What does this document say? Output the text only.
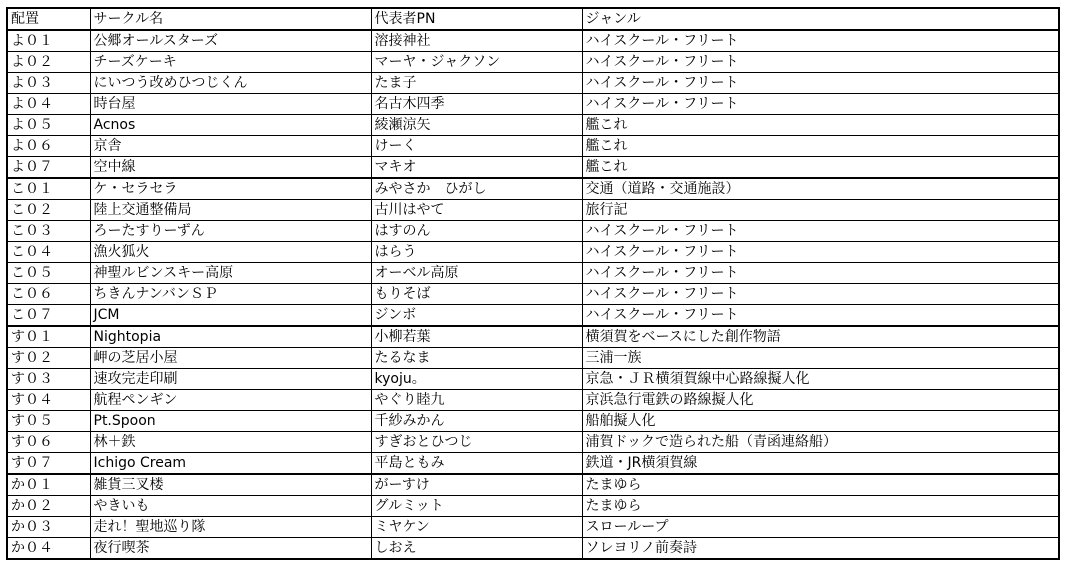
配置	サークル名	代表者PN	ジャンル
よ０１	公郷オールスターズ	溶接神社	ハイスクール・フリート
よ０２	チーズケーキ	マーヤ・ジャクソン	ハイスクール・フリート
よ０３	にいつう改めひつじくん	たま子	ハイスクール・フリート
よ０４	時台屋	名古木四季	ハイスクール・フリート
よ０５	Acnos	綾瀬涼矢	艦これ
よ０６	京舎	けーく	艦これ
よ０７	空中線	マキオ	艦これ
こ０１	ケ・セラセラ	みやさか　ひがし	交通（道路・交通施設）
こ０２	陸上交通整備局	古川はやて	旅行記
こ０３	ろーたすりーずん	はすのん	ハイスクール・フリート
こ０４	漁火狐火	はらう	ハイスクール・フリート
こ０５	神聖ルビンスキー高原	オーベル高原	ハイスクール・フリート
こ０６	ちきんナンバンＳＰ	もりそば	ハイスクール・フリート
こ０７	JCM	ジンボ	ハイスクール・フリート
す０１	Nightopia	小柳若葉	横須賀をベースにした創作物語
す０２	岬の芝居小屋	たるなま	三浦一族
す０３	速攻完走印刷	kyoju。	京急・ＪＲ横須賀線中心路線擬人化
す０４	航程ペンギン	やぐり睦九	京浜急行電鉄の路線擬人化
す０５	Pt.Spoon	千紗みかん	船舶擬人化
す０６	林＋鉄	すぎおとひつじ	浦賀ドックで造られた船（青函連絡船）
す０７	Ichigo Cream	平島ともみ	鉄道・JR横須賀線
か０１	雑貨三叉楼	がーすけ	たまゆら
か０２	やきいも	グルミット	たまゆら
か０３	走れ！聖地巡り隊	ミヤケン	スローループ
か０４	夜行喫茶	しおえ	ソレヨリノ前奏詩
